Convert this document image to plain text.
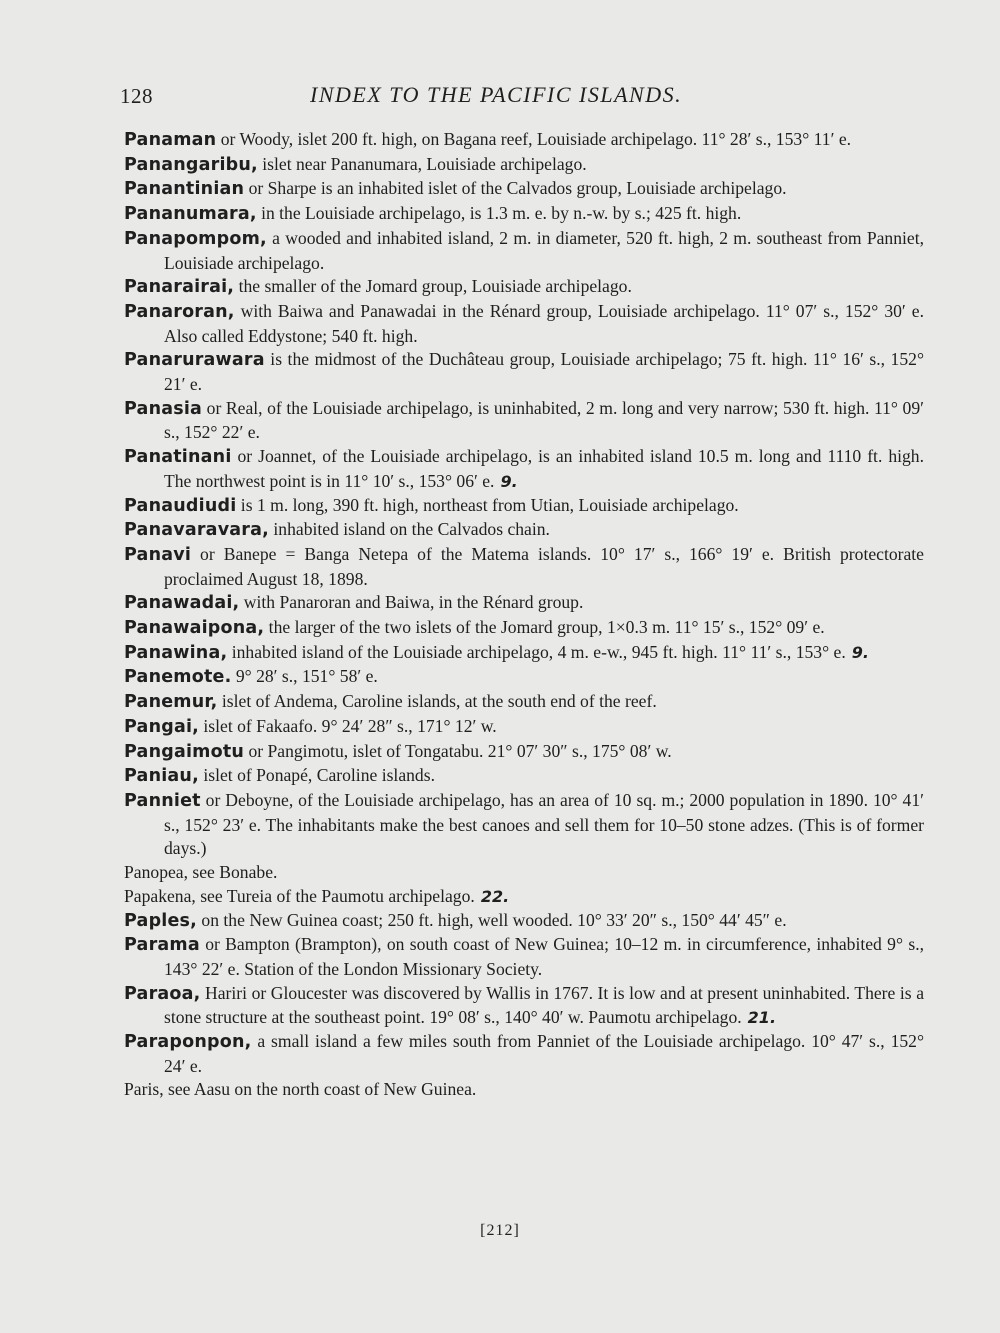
128	INDEX TO THE PACIFIC ISLANDS.
Panaman or Woody, islet 200 ft. high, on Bagana reef, Louisiade archipelago. 11° 28′ s., 153° 11′ e.
Panangaribu, islet near Pananumara, Louisiade archipelago.
Panantinian or Sharpe is an inhabited islet of the Calvados group, Louisiade archipelago.
Pananumara, in the Louisiade archipelago, is 1.3 m. e. by n.-w. by s.; 425 ft. high.
Panapompom, a wooded and inhabited island, 2 m. in diameter, 520 ft. high, 2 m. southeast from Panniet, Louisiade archipelago.
Panarairai, the smaller of the Jomard group, Louisiade archipelago.
Panaroran, with Baiwa and Panawadai in the Rénard group, Louisiade archipelago. 11° 07′ s., 152° 30′ e. Also called Eddystone; 540 ft. high.
Panarurawara is the midmost of the Duchâteau group, Louisiade archipelago; 75 ft. high. 11° 16′ s., 152° 21′ e.
Panasia or Real, of the Louisiade archipelago, is uninhabited, 2 m. long and very narrow; 530 ft. high. 11° 09′ s., 152° 22′ e.
Panatinani or Joannet, of the Louisiade archipelago, is an inhabited island 10.5 m. long and 1110 ft. high. The northwest point is in 11° 10′ s., 153° 06′ e. 9.
Panaudiudi is 1 m. long, 390 ft. high, northeast from Utian, Louisiade archipelago.
Panavaravara, inhabited island on the Calvados chain.
Panavi or Banepe = Banga Netepa of the Matema islands. 10° 17′ s., 166° 19′ e. British protectorate proclaimed August 18, 1898.
Panawadai, with Panaroran and Baiwa, in the Rénard group.
Panawaipona, the larger of the two islets of the Jomard group, 1×0.3 m. 11° 15′ s., 152° 09′ e.
Panawina, inhabited island of the Louisiade archipelago, 4 m. e-w., 945 ft. high. 11° 11′ s., 153° e. 9.
Panemote. 9° 28′ s., 151° 58′ e.
Panemur, islet of Andema, Caroline islands, at the south end of the reef.
Pangai, islet of Fakaafo. 9° 24′ 28″ s., 171° 12′ w.
Pangaimotu or Pangimotu, islet of Tongatabu. 21° 07′ 30″ s., 175° 08′ w.
Paniau, islet of Ponapé, Caroline islands.
Panniet or Deboyne, of the Louisiade archipelago, has an area of 10 sq. m.; 2000 population in 1890. 10° 41′ s., 152° 23′ e. The inhabitants make the best canoes and sell them for 10–50 stone adzes. (This is of former days.)
Panopea, see Bonabe.
Papakena, see Tureia of the Paumotu archipelago. 22.
Paples, on the New Guinea coast; 250 ft. high, well wooded. 10° 33′ 20″ s., 150° 44′ 45″ e.
Parama or Bampton (Brampton), on south coast of New Guinea; 10–12 m. in circumference, inhabited 9° s., 143° 22′ e. Station of the London Missionary Society.
Paraoa, Hariri or Gloucester was discovered by Wallis in 1767. It is low and at present uninhabited. There is a stone structure at the southeast point. 19° 08′ s., 140° 40′ w. Paumotu archipelago. 21.
Paraponpon, a small island a few miles south from Panniet of the Louisiade archipelago. 10° 47′ s., 152° 24′ e.
Paris, see Aasu on the north coast of New Guinea.
[212]
